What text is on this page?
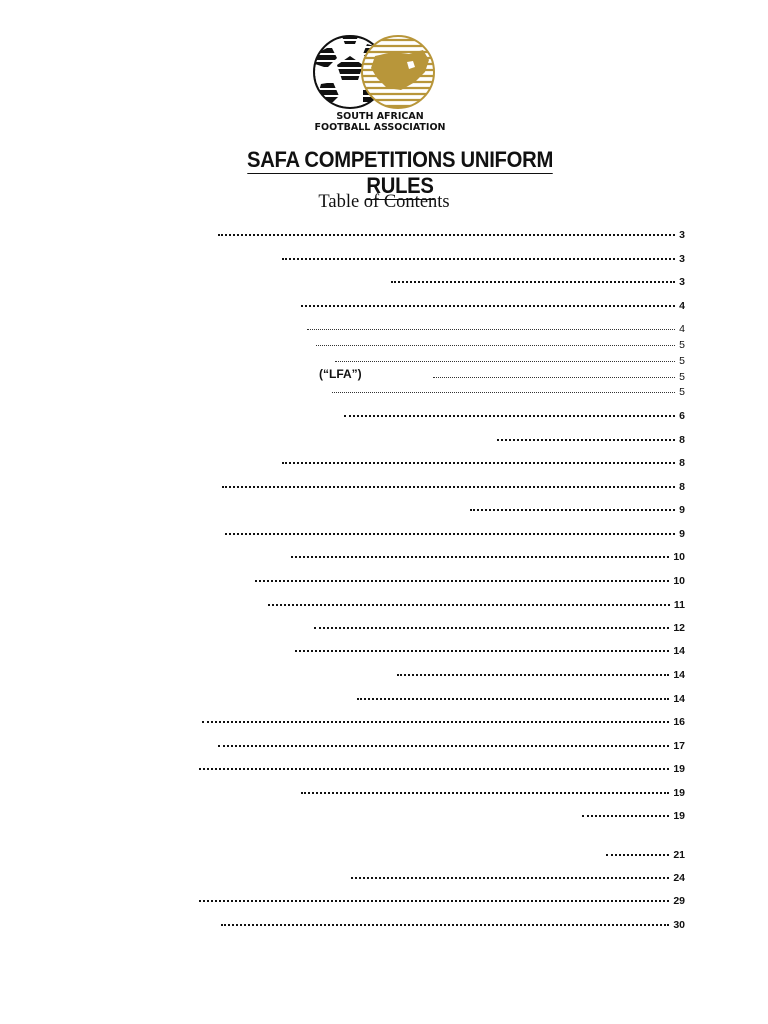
SOUTH AFRICAN
FOOTBALL ASSOCIATION
SAFA COMPETITIONS UNIFORM RULES
Table of Contents
(“LFA”)
3
3
3
4
4
5
5
5
5
6
8
8
8
9
9
10
10
11
12
14
14
14
16
17
19
19
19
21
24
29
30
